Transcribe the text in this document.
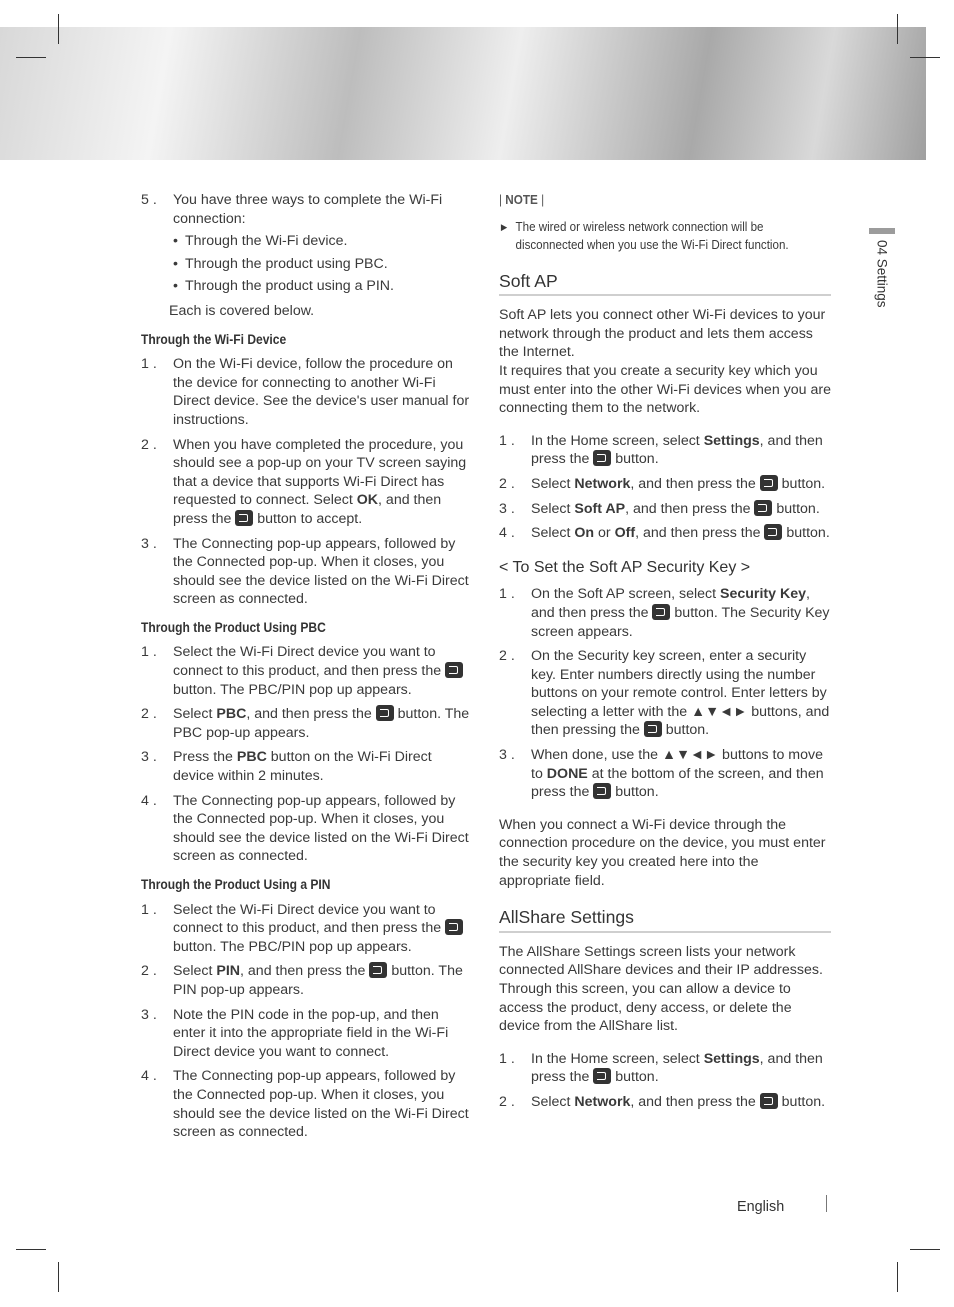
04 Settings
5 . You have three ways to complete the Wi-Fi connection:
• Through the Wi-Fi device.
• Through the product using PBC.
• Through the product using a PIN.
Each is covered below.
Through the Wi-Fi Device
1 . On the Wi-Fi device, follow the procedure on the device for connecting to another Wi-Fi Direct device. See the device's user manual for instructions.
2 . When you have completed the procedure, you should see a pop-up on your TV screen saying that a device that supports Wi-Fi Direct has requested to connect. Select OK, and then press the  button to accept.
3 . The Connecting pop-up appears, followed by the Connected pop-up. When it closes, you should see the device listed on the Wi-Fi Direct screen as connected.
Through the Product Using PBC
1 . Select the Wi-Fi Direct device you want to connect to this product, and then press the  button. The PBC/PIN pop up appears.
2 . Select PBC, and then press the  button. The PBC pop-up appears.
3 . Press the PBC button on the Wi-Fi Direct device within 2 minutes.
4 . The Connecting pop-up appears, followed by the Connected pop-up. When it closes, you should see the device listed on the Wi-Fi Direct screen as connected.
Through the Product Using a PIN
1 . Select the Wi-Fi Direct device you want to connect to this product, and then press the  button. The PBC/PIN pop up appears.
2 . Select PIN, and then press the  button. The PIN pop-up appears.
3 . Note the PIN code in the pop-up, and then enter it into the appropriate field in the Wi-Fi Direct device you want to connect.
4 . The Connecting pop-up appears, followed by the Connected pop-up. When it closes, you should see the device listed on the Wi-Fi Direct screen as connected.
| NOTE |
▶ The wired or wireless network connection will be disconnected when you use the Wi-Fi Direct function.
Soft AP
Soft AP lets you connect other Wi-Fi devices to your network through the product and lets them access the Internet.
It requires that you create a security key which you must enter into the other Wi-Fi devices when you are connecting them to the network.
1 . In the Home screen, select Settings, and then press the  button.
2 . Select Network, and then press the  button.
3 . Select Soft AP, and then press the  button.
4 . Select On or Off, and then press the  button.
< To Set the Soft AP Security Key >
1 . On the Soft AP screen, select Security Key, and then press the  button. The Security Key screen appears.
2 . On the Security key screen, enter a security key. Enter numbers directly using the number buttons on your remote control. Enter letters by selecting a letter with the ▲▼◄► buttons, and then pressing the  button.
3 . When done, use the ▲▼◄► buttons to move to DONE at the bottom of the screen, and then press the  button.
When you connect a Wi-Fi device through the connection procedure on the device, you must enter the security key you created here into the appropriate field.
AllShare Settings
The AllShare Settings screen lists your network connected AllShare devices and their IP addresses. Through this screen, you can allow a device to access the product, deny access, or delete the device from the AllShare list.
1 . In the Home screen, select Settings, and then press the  button.
2 . Select Network, and then press the  button.
English
